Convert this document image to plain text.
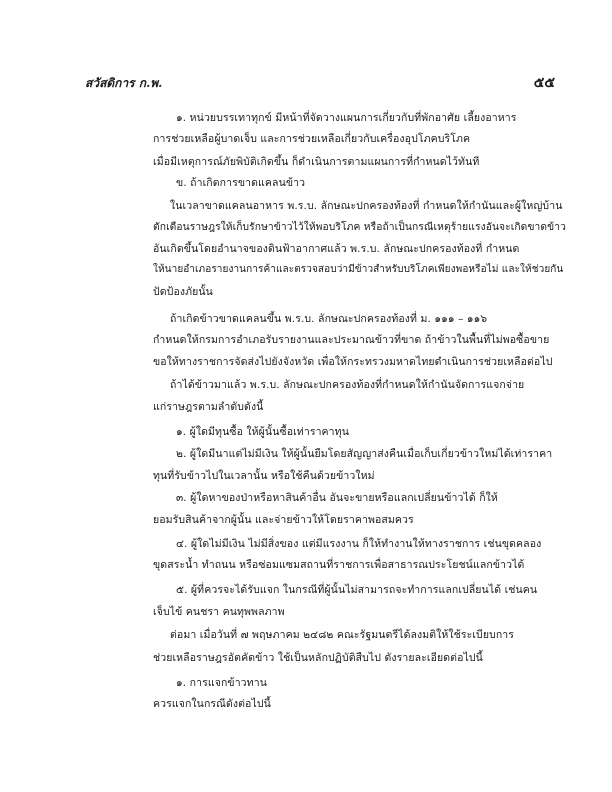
สวัสดิการ ก.พ.	๕๕
๑. หน่วยบรรเทาทุกข์ มีหน้าที่จัดวางแผนการเกี่ยวกับที่พักอาศัย เลี้ยงอาหาร
การช่วยเหลือผู้บาดเจ็บ และการช่วยเหลือเกี่ยวกับเครื่องอุปโภคบริโภค
เมื่อมีเหตุการณ์ภัยพิบัติเกิดขึ้น ก็ดำเนินการตามแผนการที่กำหนดไว้ทันที
ข. ถ้าเกิดการขาดแคลนข้าว
ในเวลาขาดแคลนอาหาร พ.ร.บ. ลักษณะปกครองท้องที่ กำหนดให้กำนันและผู้ใหญ่บ้าน
ตักเตือนราษฎรให้เก็บรักษาข้าวไว้ให้พอบริโภค หรือถ้าเป็นกรณีเหตุร้ายแรงอันจะเกิดขาดข้าว
อันเกิดขึ้นโดยอำนาจของดินฟ้าอากาศแล้ว พ.ร.บ. ลักษณะปกครองท้องที่ กำหนด
ให้นายอำเภอรายงานการค้าและตรวจสอบว่ามีข้าวสำหรับบริโภคเพียงพอหรือไม่ และให้ช่วยกัน
ปัดป้องภัยนั้น
ถ้าเกิดข้าวขาดแคลนขึ้น พ.ร.บ. ลักษณะปกครองท้องที่ ม. ๑๑๑ – ๑๑๖
กำหนดให้กรมการอำเภอรับรายงานและประมาณข้าวที่ขาด ถ้าข้าวในพื้นที่ไม่พอซื้อขาย
ขอให้ทางราชการจัดส่งไปยังจังหวัด เพื่อให้กระทรวงมหาดไทยดำเนินการช่วยเหลือต่อไป
ถ้าได้ข้าวมาแล้ว พ.ร.บ. ลักษณะปกครองท้องที่กำหนดให้กำนันจัดการแจกจ่าย
แก่ราษฎรตามลำดับดังนี้
๑. ผู้ใดมีทุนซื้อ ให้ผู้นั้นซื้อเท่าราคาทุน
๒. ผู้ใดมีนาแต่ไม่มีเงิน ให้ผู้นั้นยืมโดยสัญญาส่งคืนเมื่อเก็บเกี่ยวข้าวใหม่ได้เท่าราคา
ทุนที่รับข้าวไปในเวลานั้น หรือใช้คืนด้วยข้าวใหม่
๓. ผู้ใดหาของป่าหรือหาสินค้าอื่น อันจะขายหรือแลกเปลี่ยนข้าวได้ ก็ให้
ยอมรับสินค้าจากผู้นั้น และจ่ายข้าวให้โดยราคาพอสมควร
๔. ผู้ใดไม่มีเงิน ไม่มีสิ่งของ แต่มีแรงงาน ก็ให้ทำงานให้ทางราชการ เช่นขุดคลอง
ขุดสระน้ำ ทำถนน หรือซ่อมแซมสถานที่ราชการเพื่อสาธารณประโยชน์แลกข้าวได้
๕. ผู้ที่ควรจะได้รับแจก ในกรณีที่ผู้นั้นไม่สามารถจะทำการแลกเปลี่ยนได้ เช่นคน
เจ็บไข้ คนชรา คนทุพพลภาพ
ต่อมา เมื่อวันที่ ๗ พฤษภาคม ๒๔๘๒ คณะรัฐมนตรีได้ลงมติให้ใช้ระเบียบการ
ช่วยเหลือราษฎรอัตคัดข้าว ใช้เป็นหลักปฏิบัติสืบไป ดังรายละเอียดต่อไปนี้
๑. การแจกข้าวทาน
ควรแจกในกรณีดังต่อไปนี้
